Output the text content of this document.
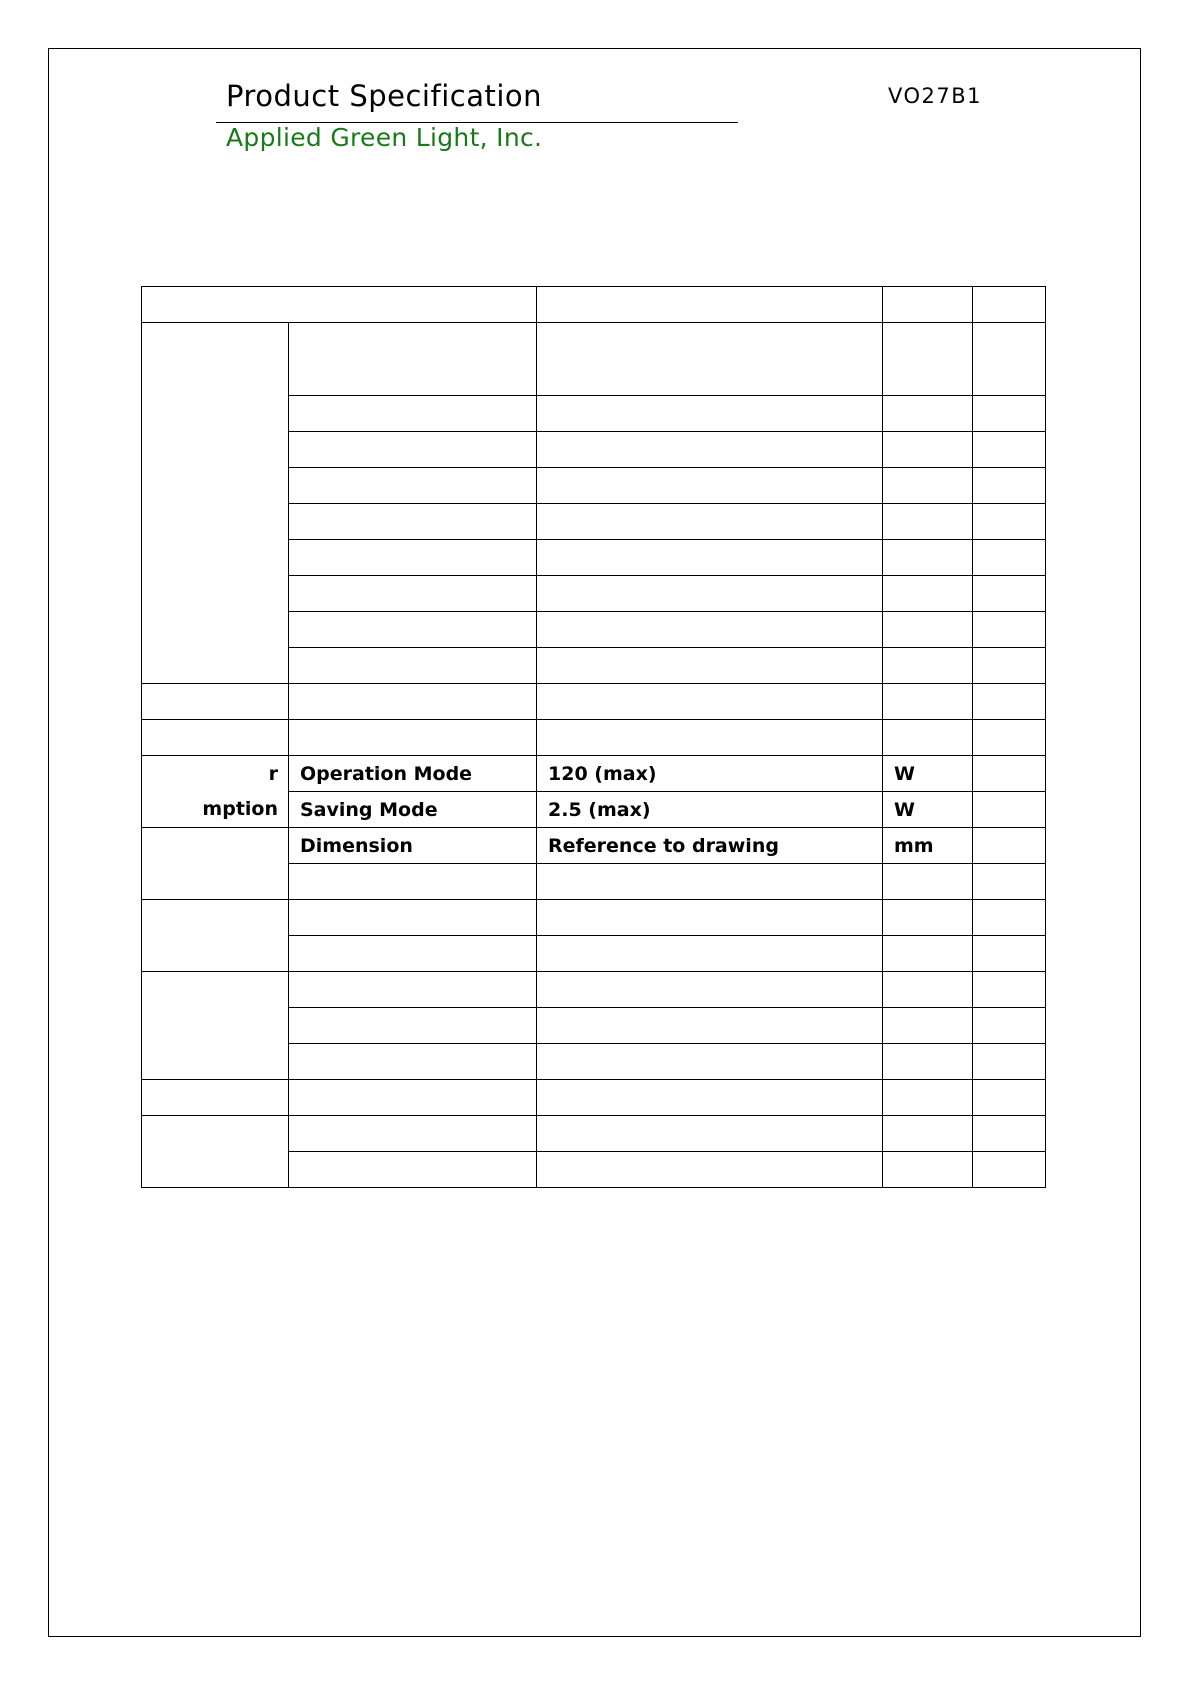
Product Specification
Applied Green Light, Inc.
VO27B1

r	Operation Mode	120 (max)	W	
mption	Saving Mode	2.5 (max)	W	
	Dimension	Reference to drawing	mm	
